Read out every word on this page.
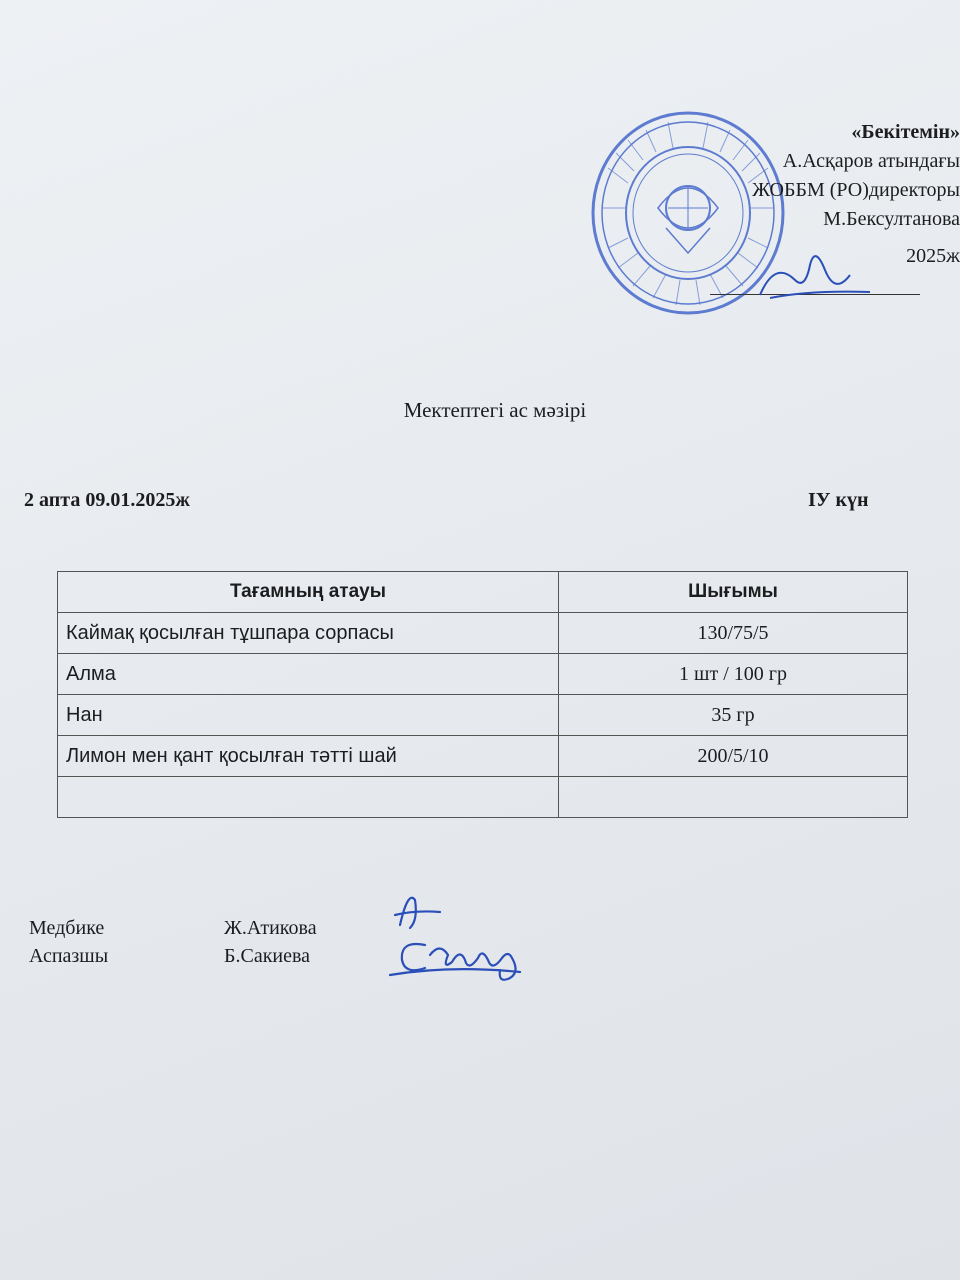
«Бекітемін»
А.Асқаров атындағы
ЖОББМ (РО)директоры
М.Бексултанова
2025ж
Мектептегі ас мәзірі
2 апта 09.01.2025ж	IУ күн
Тағамның атауы	Шығымы
Каймақ қосылған тұшпара сорпасы	130/75/5
Алма	1 шт / 100 гр
Нан	35 гр
Лимон мен қант қосылған тәтті шай	200/5/10

Медбике	Ж.Атикова
Аспазшы	Б.Сакиева
